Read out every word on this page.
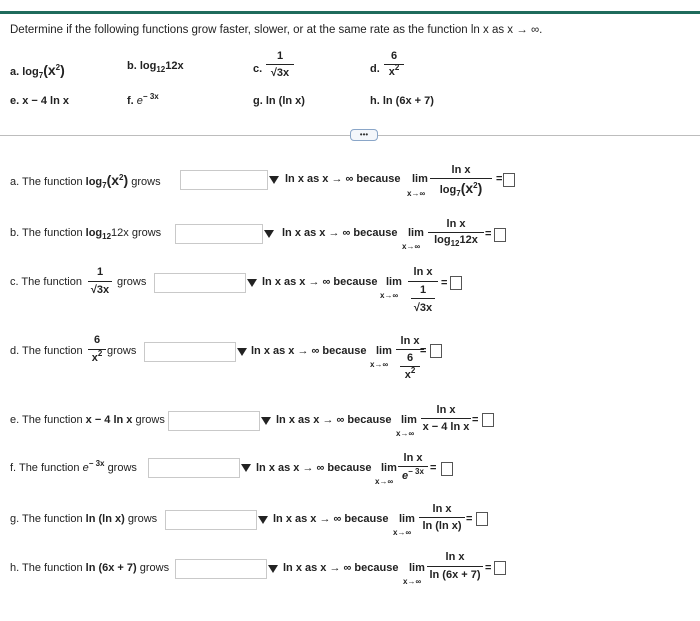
Determine if the following functions grow faster, slower, or at the same rate as the function ln x as x → ∞.
a. $\log_7(x^2)$	b. $\log_{12}12x$	c.
1
√3x	d.
6
$x^2$
e. x − 4 ln x	f. $e^{- 3x}$	g. ln (ln x)	h. ln (6x + 7)
•••
a. The function $\log_7(x^2)$ grows	ln x as x → ∞ because lim
x→∞
ln x
$\log_7(x^2)$
=
b. The function $\log_{12}12x$ grows	ln x as x → ∞ because lim
x→∞
ln x
$\log_{12}12x$ =
c. The function
1
√3x
grows	ln x as x → ∞ because lim
x→∞
ln x
1
√3x
=
d. The function
6
$x^2$ grows	ln x as x → ∞ because lim
x→∞
ln x
6
$x^2$
=
e. The function x − 4 ln x grows	ln x as x → ∞ because lim
x→∞
ln x
x − 4 ln x
=
f. The function $e^{- 3x}$ grows	ln x as x → ∞ because lim
x→∞
ln x
$e^{- 3x}$ =
g. The function ln (ln x) grows	ln x as x → ∞ because lim
x→∞
ln x
ln (ln x)
=
h. The function ln (6x + 7) grows	ln x as x → ∞ because lim
x→∞
ln x
ln (6x + 7)
=
